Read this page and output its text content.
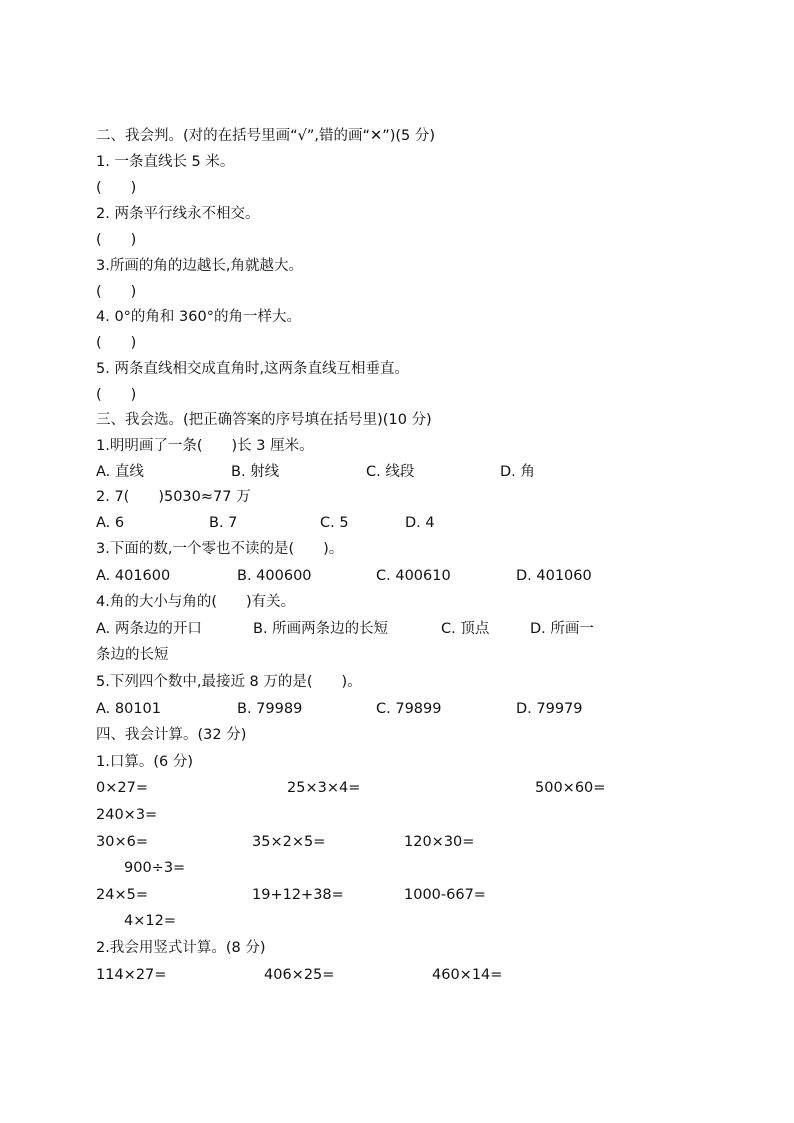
二、我会判。(对的在括号里画“√”,错的画“✕”)(5 分)
1. 一条直线长 5 米。
(　　)
2. 两条平行线永不相交。
(　　)
3.所画的角的边越长,角就越大。
(　　)
4. 0°的角和 360°的角一样大。
(　　)
5. 两条直线相交成直角时,这两条直线互相垂直。
(　　)
三、我会选。(把正确答案的序号填在括号里)(10 分)
1.明明画了一条(　　)长 3 厘米。
A. 直线	B. 射线	C. 线段	D. 角
2. 7(　　)5030≈77 万
A. 6	B. 7	C. 5	D. 4
3.下面的数,一个零也不读的是(　　)。
A. 401600	B. 400600	C. 400610	D. 401060
4.角的大小与角的(　　)有关。
A. 两条边的开口	B. 所画两条边的长短	C. 顶点	D. 所画一
条边的长短
5.下列四个数中,最接近 8 万的是(　　)。
A. 80101	B. 79989	C. 79899	D. 79979
四、我会计算。(32 分)
1.口算。(6 分)
0×27=	25×3×4=	500×60=
240×3=
30×6=	35×2×5=	120×30=
900÷3=
24×5=	19+12+38=	1000-667=
4×12=
2.我会用竖式计算。(8 分)
114×27=	406×25=	460×14=
